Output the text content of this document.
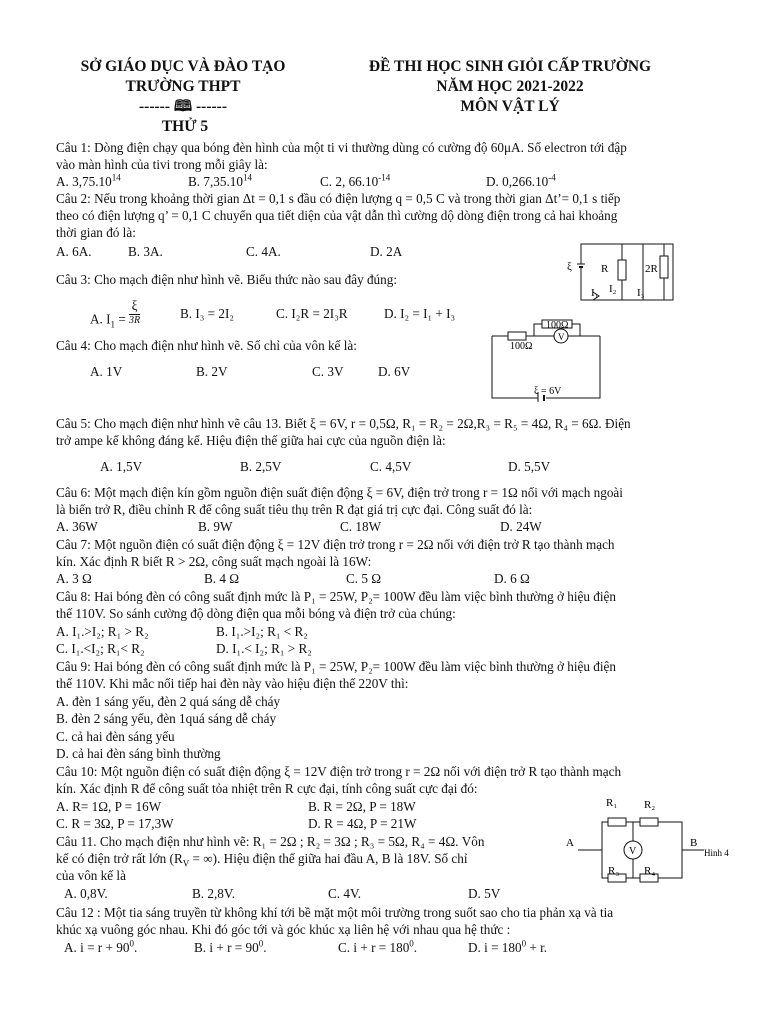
SỞ GIÁO DỤC VÀ ĐÀO TẠO
TRƯỜNG THPT
------ 🕮 ------
THỬ 5
ĐỀ THI HỌC SINH GIỎI CẤP TRƯỜNG
NĂM HỌC 2021-2022
MÔN VẬT LÝ
Câu 1: Dòng điện chạy qua bóng đèn hình của một ti vi thường dùng có cường độ 60μA. Số electron tới đập
vào màn hình của tivi trong mỗi giây là:
A. 3,75.10$^{14}$	B. 7,35.10$^{14}$	C. 2, $66.10^{-14}$	D. $0,266.10^{-4}$
Câu 2: Nếu trong khoảng thời gian Δt = 0,1 s đầu có điện lượng q = 0,5 C và trong thời gian Δt’= 0,1 s tiếp
theo có điện lượng q’ = 0,1 C chuyển qua tiết diện của vật dẫn thì cường dộ dòng điện trong cả hai khoảng
thời gian đó là:
A. 6A.	B. 3A.	C. 4A.	D. 2A
Câu 3: Cho mạch điện như hình vẽ. Biểu thức nào sau đây đúng:
A. $I_1$ =
ξ
3R	B. I₃ = 2I₂	C. I₂R = 2I₃R	D. I₂ = I₁ + I₃
ξ	R	2R
I₁ I₂ I₃
Câu 4: Cho mạch điện như hình vẽ. Số chỉ của vôn kế là:
A. 1V	B. 2V	C. 3V	D. 6V
100Ω
100Ω
V
ξ = 6V
Câu 5: Cho mạch điện như hình vẽ câu 13. Biết ξ = 6V, r = 0,5Ω, R₁ = R₂ = 2Ω,R₃ = R₅ = 4Ω, R₄ = 6Ω. Điện
trở ampe kế không đáng kể. Hiệu điện thế giữa hai cực của nguồn điện là:
A. 1,5V	B. 2,5V	C. 4,5V	D. 5,5V
Câu 6: Một mạch điện kín gồm nguồn điện suất điện động ξ = 6V, điện trở trong r = 1Ω nối với mạch ngoài
là biến trở R, điều chỉnh R để công suất tiêu thụ trên R đạt giá trị cực đại. Công suất đó là:
A. 36W	B. 9W	C. 18W	D. 24W
Câu 7: Một nguồn điện có suất điện động ξ = 12V điện trở trong r = 2Ω nối với điện trở R tạo thành mạch
kín. Xác định R biết R > 2Ω, công suất mạch ngoài là 16W:
A. 3 Ω	B. 4 Ω	C. 5 Ω	D. 6 Ω
Câu 8: Hai bóng đèn có công suất định mức là P₁ = 25W, P₂= 100W đều làm việc bình thường ở hiệu điện
thế 110V. So sánh cường độ dòng điện qua mỗi bóng và điện trở của chúng:
A. I₁.>I₂; R₁ > R₂	B. I₁.>I₂; R₁ < R₂
C. I₁.<I₂; R₁< R₂	D. I₁.< I₂; R₁ > R₂
Câu 9: Hai bóng đèn có công suất định mức là P₁ = 25W, P₂= 100W đều làm việc bình thường ở hiệu điện
thế 110V. Khi mắc nối tiếp hai đèn này vào hiệu điện thế 220V thì:
A. đèn 1 sáng yếu, đèn 2 quá sáng dễ cháy
B. đèn 2 sáng yếu, đèn 1quá sáng dễ cháy
C. cả hai đèn sáng yếu
D. cả hai đèn sáng bình thường
Câu 10: Một nguồn điện có suất điện động ξ = 12V điện trở trong r = 2Ω nối với điện trở R tạo thành mạch
kín. Xác định R để công suất tỏa nhiệt trên R cực đại, tính công suất cực đại đó:
A. R= 1Ω, P = 16W	B. R = 2Ω, P = 18W
C. R = 3Ω, P = 17,3W	D. R = 4Ω, P = 21W
Câu 11. Cho mạch điện như hình vẽ: R₁ = 2Ω ; R₂ = 3Ω ; R₃ = 5Ω, R₄ = 4Ω. Vôn
kế có điện trở rất lớn ($R_V$ = ∞). Hiệu điện thế giữa hai đầu A, B là 18V. Số chỉ
của vôn kế là
A. 0,8V.	B. 2,8V.	C. 4V.	D. 5V
R₁ R₂
R₃ R₄
A	B
V	Hình 4
Câu 12 : Một tia sáng truyền từ không khí tới bề mặt một môi trường trong suốt sao cho tia phản xạ và tia
khúc xạ vuông góc nhau. Khi đó góc tới và góc khúc xạ liên hệ với nhau qua hệ thức :
A. $i = r + 90^0$.	B. $i + r = 90^0$.	C. $i + r = 180^0$.	D. $i = 180^0 + r$.
